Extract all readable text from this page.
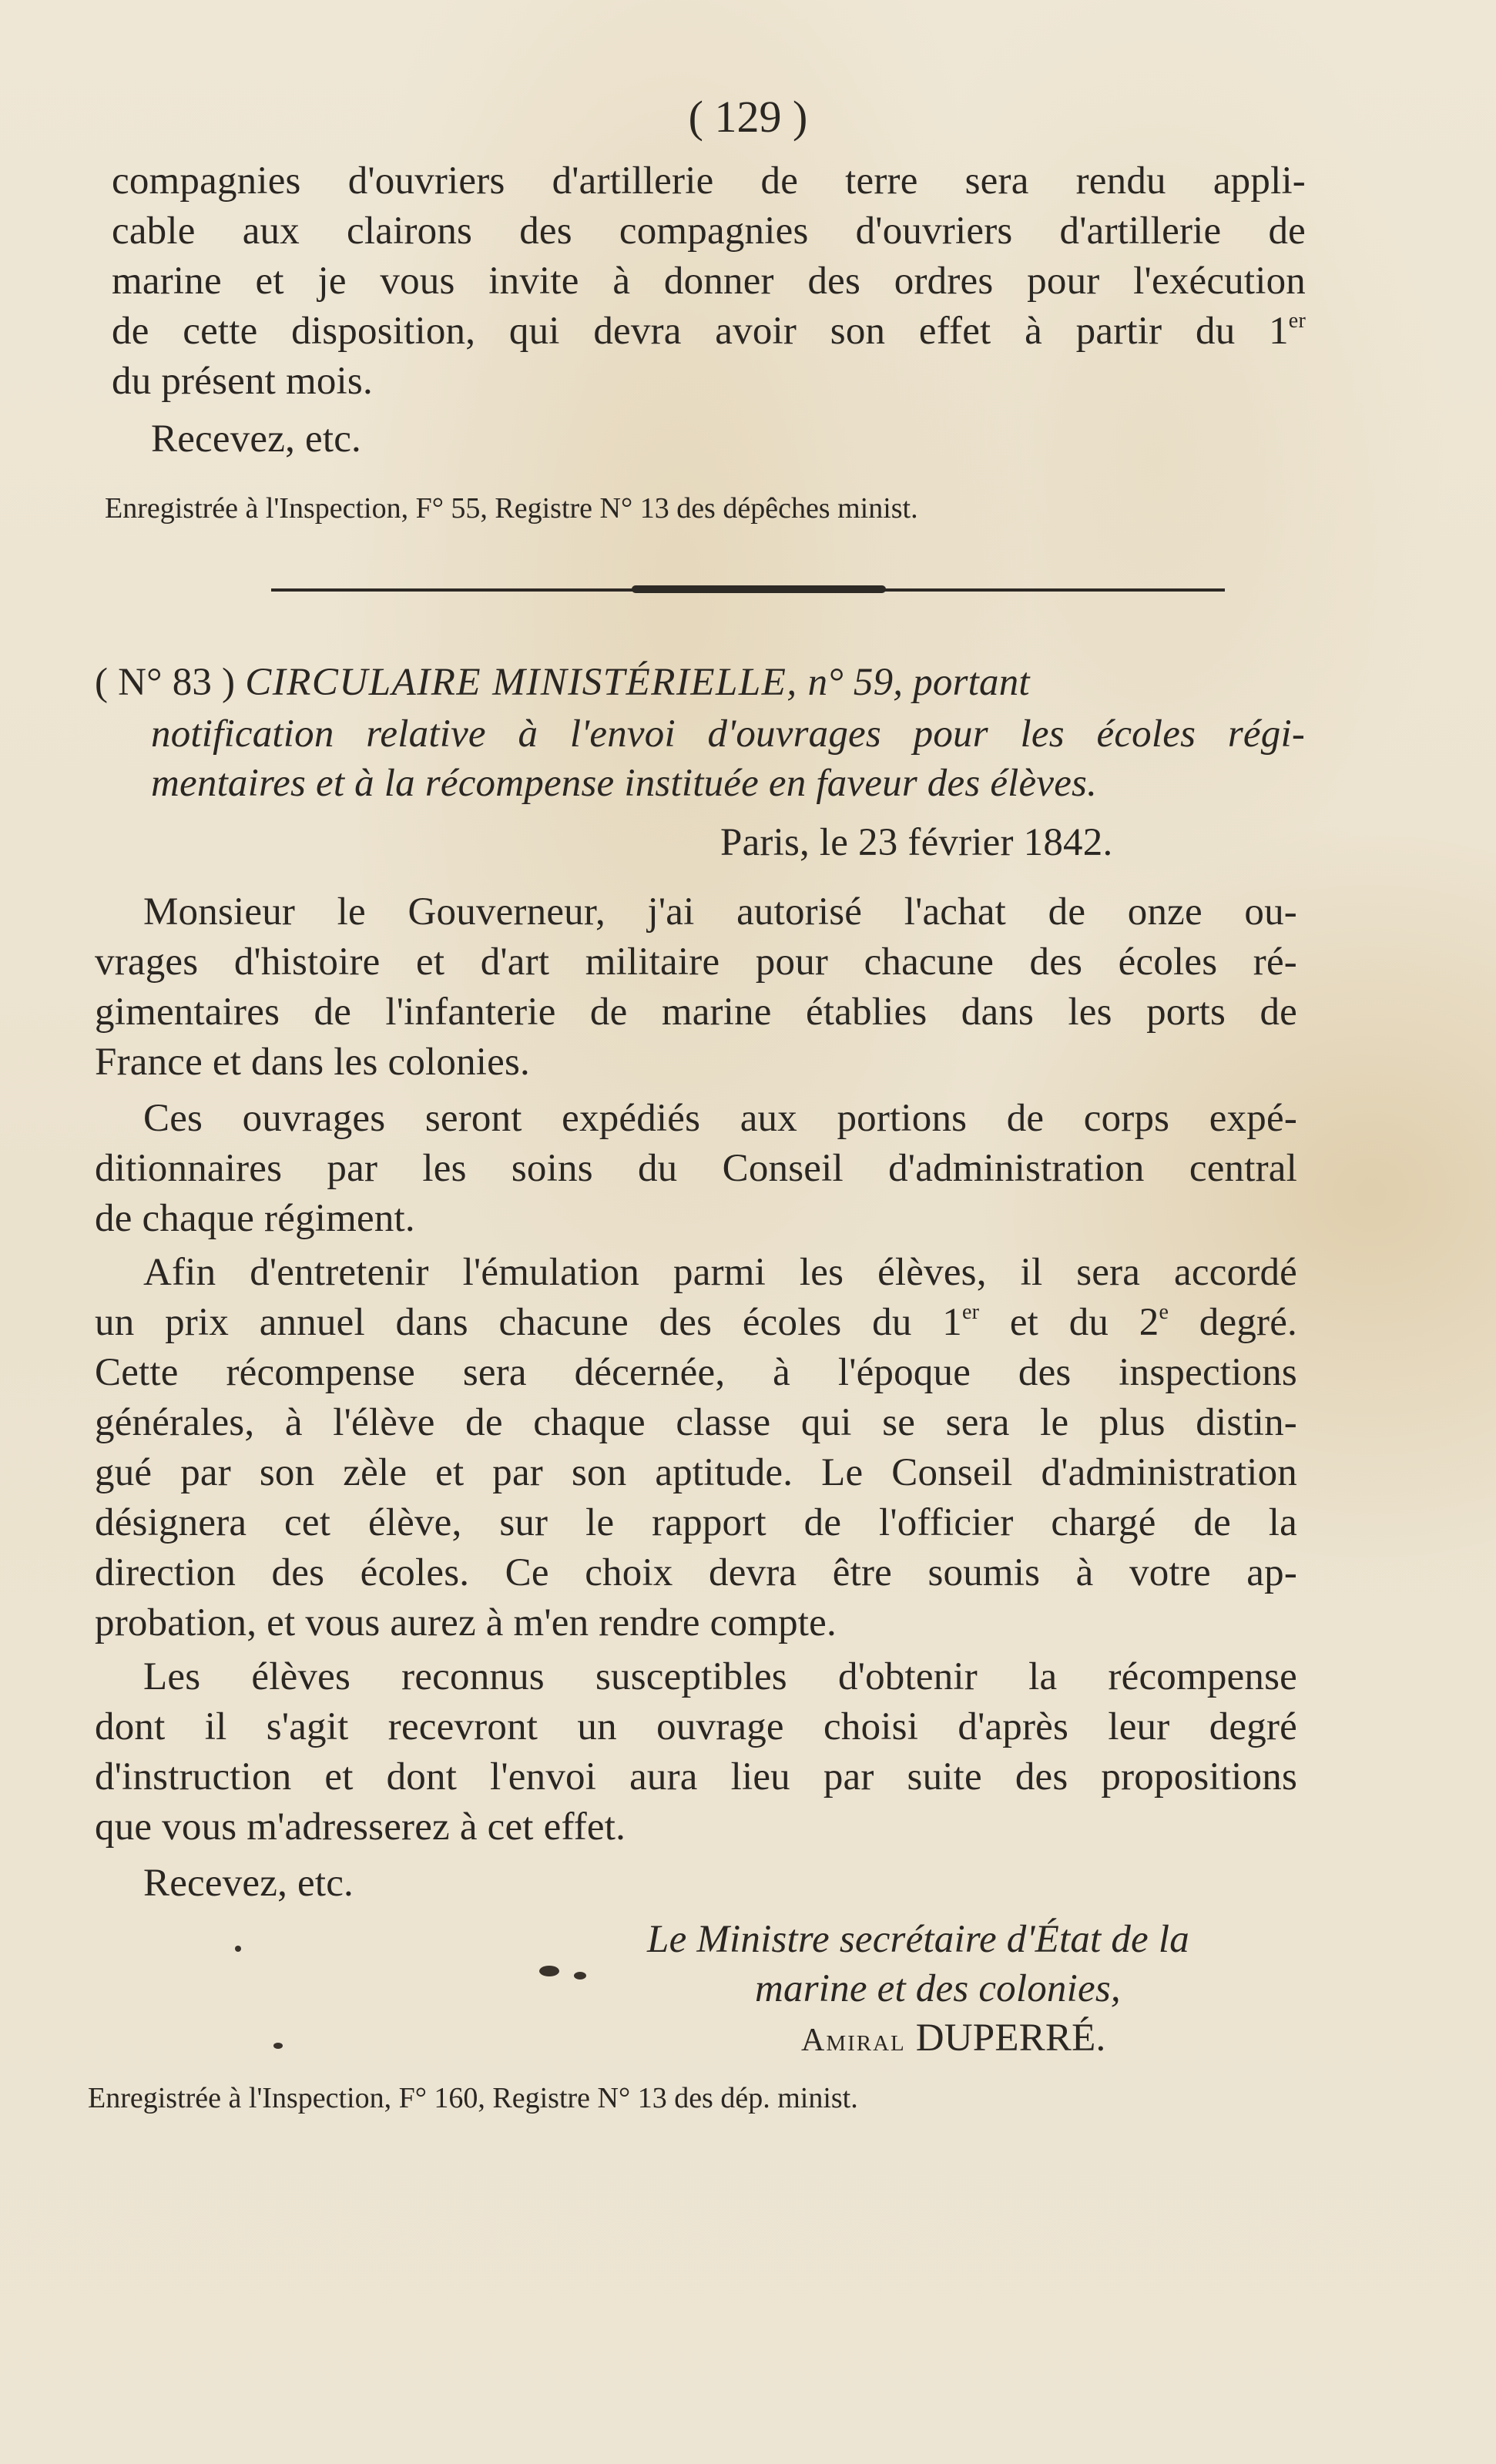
( 129 )

compagnies d'ouvriers d'artillerie de terre sera rendu appli-

cable aux clairons des compagnies d'ouvriers d'artillerie de

marine et je vous invite à donner des ordres pour l'exécution

de cette disposition, qui devra avoir son effet à partir du 1er

du présent mois.

Recevez, etc.

Enregistrée à l'Inspection, F° 55, Registre N° 13 des dépêches minist.

( N° 83 ) CIRCULAIRE MINISTÉRIELLE, n° 59, portant

notification relative à l'envoi d'ouvrages pour les écoles régi-

mentaires et à la récompense instituée en faveur des élèves.

Paris, le 23 février 1842.

Monsieur le Gouverneur, j'ai autorisé l'achat de onze ou-

vrages d'histoire et d'art militaire pour chacune des écoles ré-

gimentaires de l'infanterie de marine établies dans les ports de

France et dans les colonies.

Ces ouvrages seront expédiés aux portions de corps expé-

ditionnaires par les soins du Conseil d'administration central

de chaque régiment.

Afin d'entretenir l'émulation parmi les élèves, il sera accordé

un prix annuel dans chacune des écoles du 1er et du 2e degré.

Cette récompense sera décernée, à l'époque des inspections

générales, à l'élève de chaque classe qui se sera le plus distin-

gué par son zèle et par son aptitude. Le Conseil d'administration

désignera cet élève, sur le rapport de l'officier chargé de la

direction des écoles. Ce choix devra être soumis à votre ap-

probation, et vous aurez à m'en rendre compte.

Les élèves reconnus susceptibles d'obtenir la récompense

dont il s'agit recevront un ouvrage choisi d'après leur degré

d'instruction et dont l'envoi aura lieu par suite des propositions

que vous m'adresserez à cet effet.

Recevez, etc.

Le Ministre secrétaire d'État de la

marine et des colonies,

Amiral DUPERRÉ.

Enregistrée à l'Inspection, F° 160, Registre N° 13 des dép. minist.
